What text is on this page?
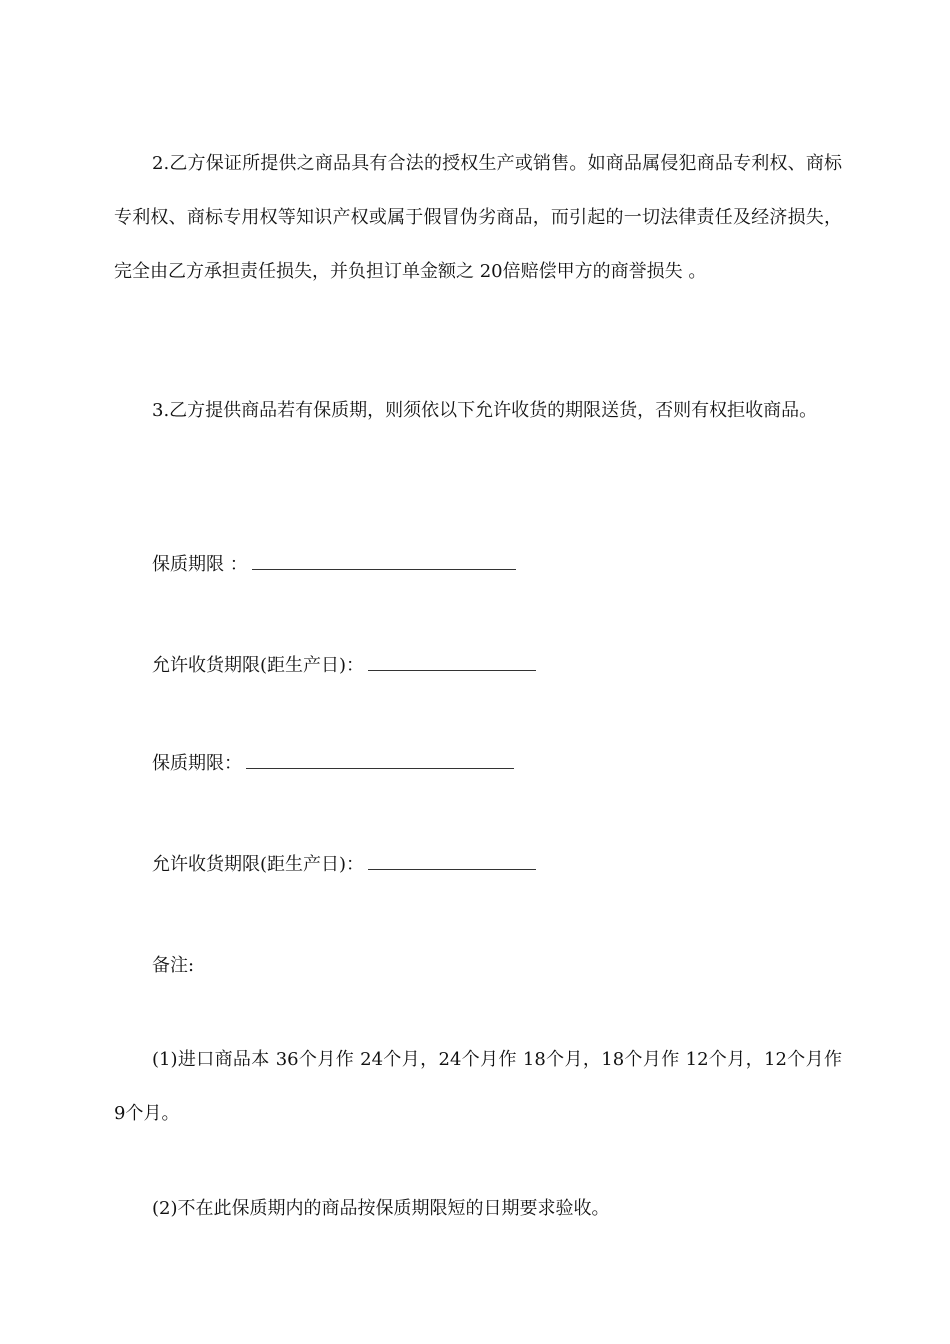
2.乙方保证所提供之商品具有合法的授权生产或销售。如商品属侵犯商品专利权、商标专利权、商标专用权等知识产权或属于假冒伪劣商品，而引起的一切法律责任及经济损失，完全由乙方承担责任损失，并负担订单金额之 20倍赔偿甲方的商誉损失 。

3.乙方提供商品若有保质期，则须依以下允许收货的期限送货，否则有权拒收商品。

保质期限 ：
允许收货期限(距生产日)：
保质期限：
允许收货期限(距生产日)：
备注:

(1)进口商品本 36个月作 24个月，24个月作 18个月，18个月作 12个月，12个月作 9个月。

(2)不在此保质期内的商品按保质期限短的日期要求验收。
